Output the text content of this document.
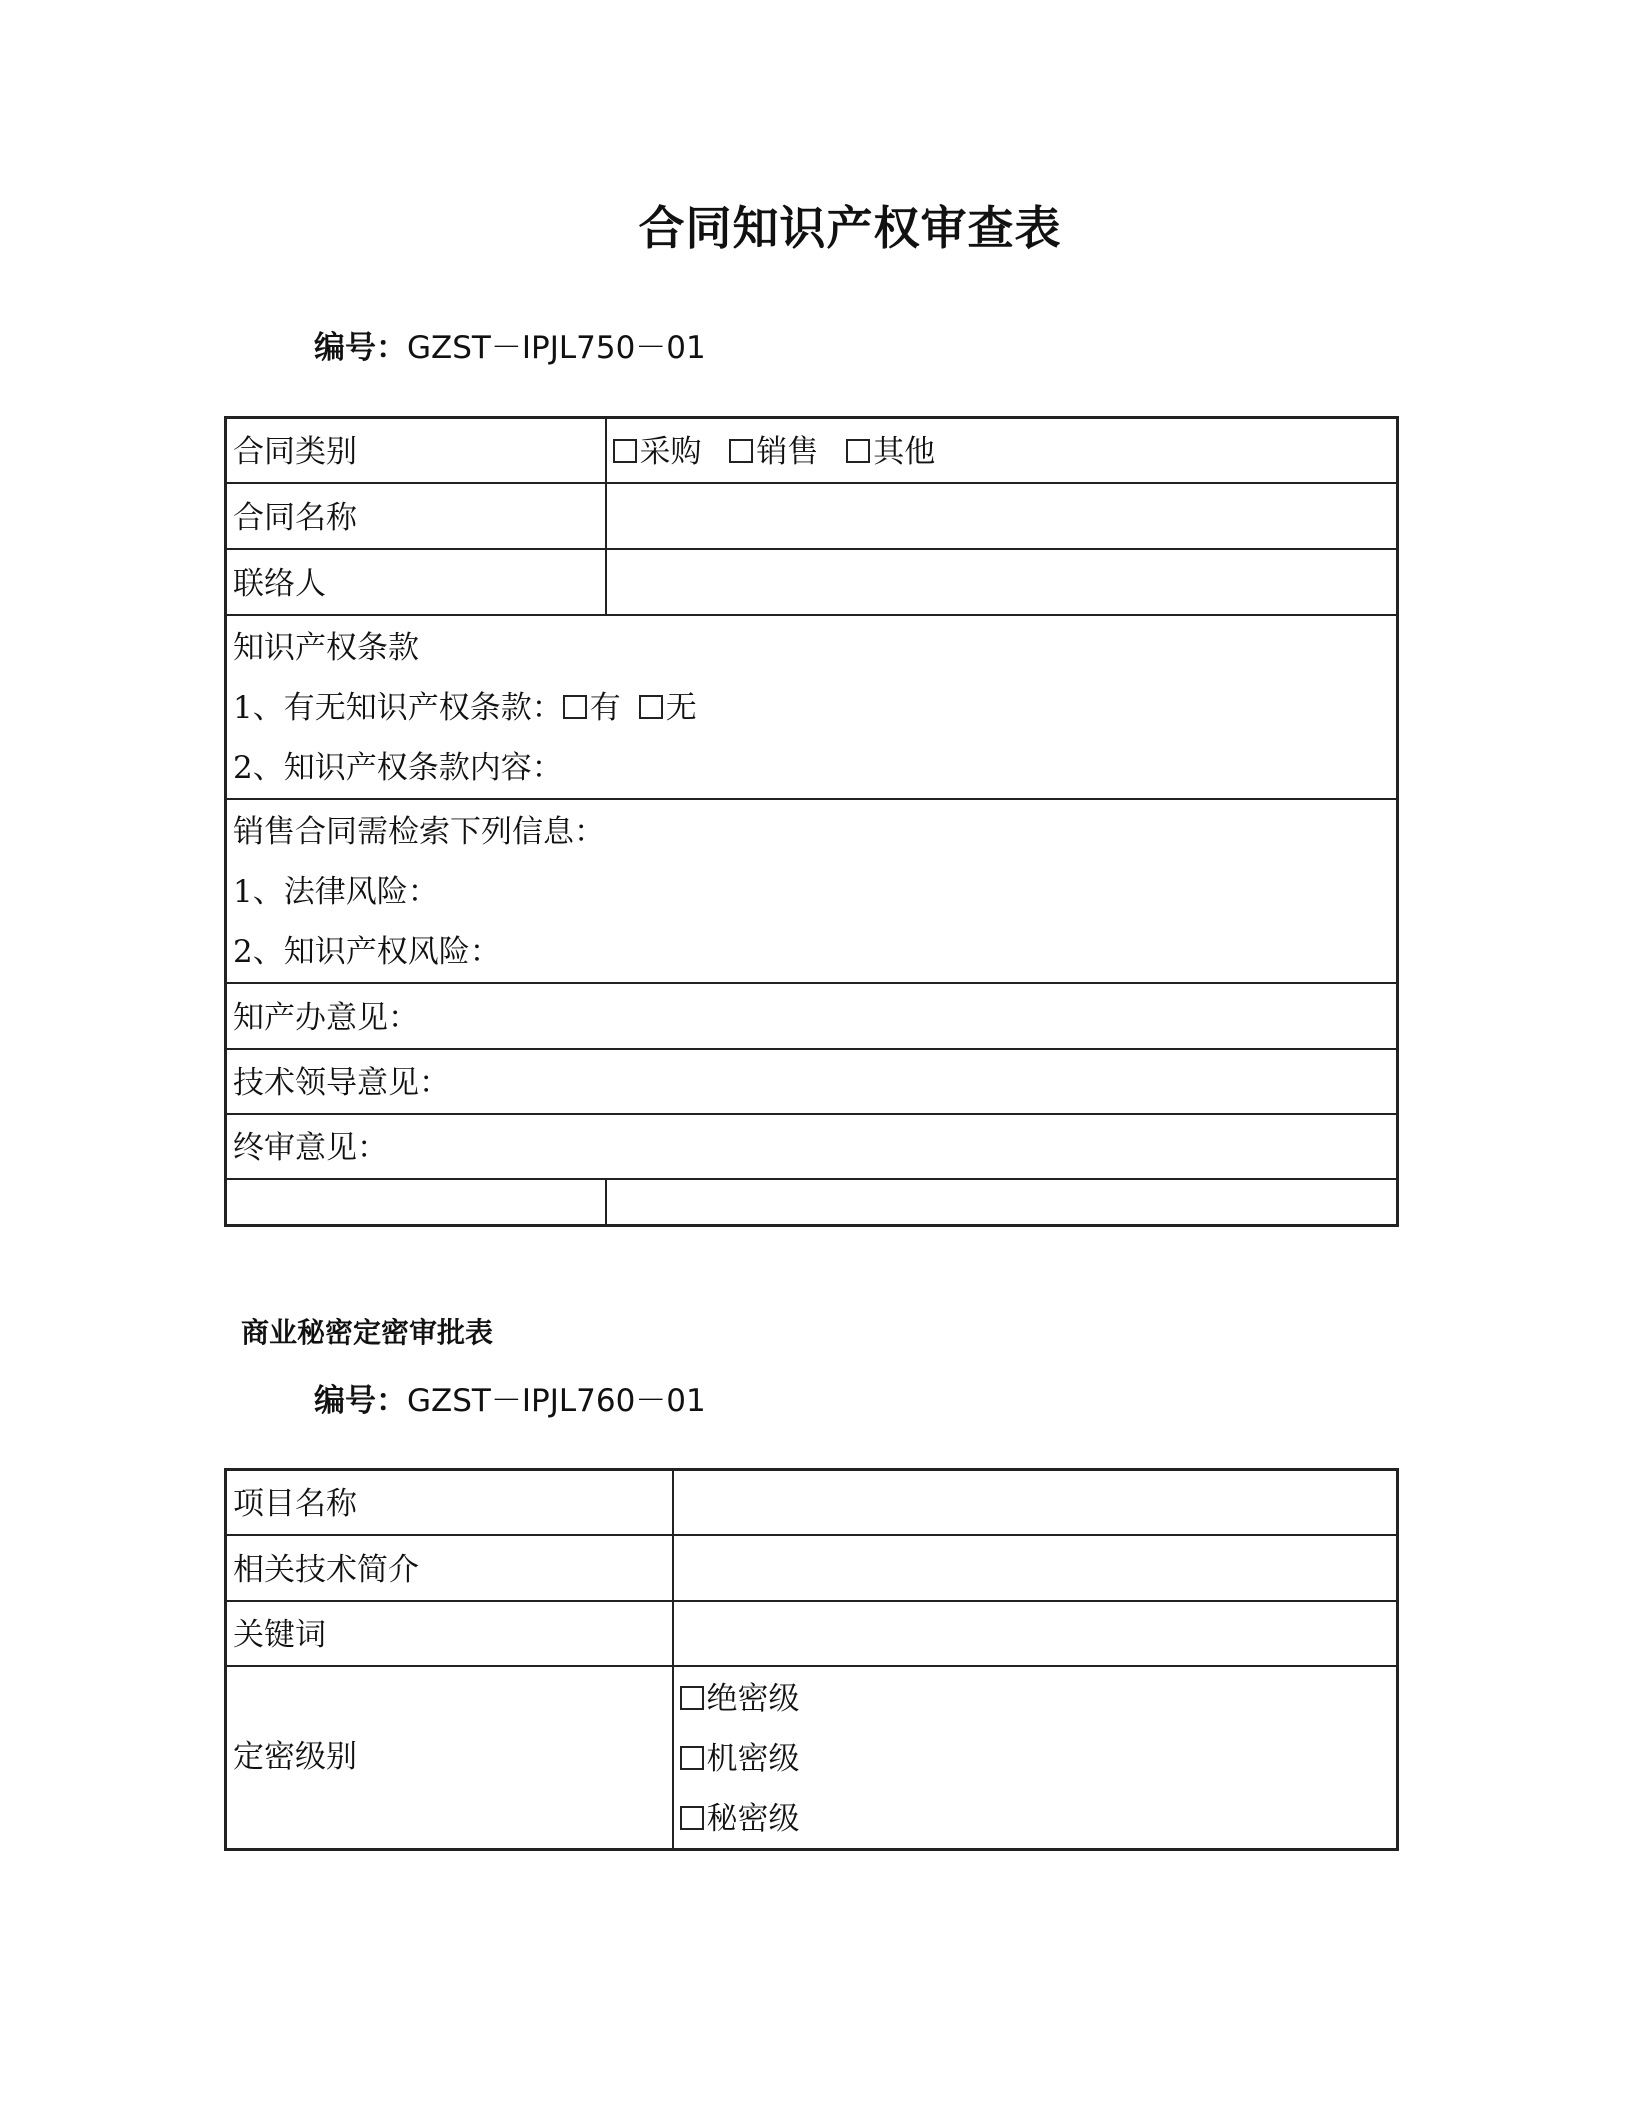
合同知识产权审查表
编号：GZST－IPJL750－01
合同类别	采购 销售 其他
合同名称	
联络人	

知识产权条款
1、有无知识产权条款： 有 无
2、知识产权条款内容：	

销售合同需检索下列信息：
1、法律风险：
2、知识产权风险：	

知产办意见：	
技术领导意见：	
终审意见：	

商业秘密定密审批表
编号：GZST－IPJL760－01
项目名称	
相关技术简介	
关键词	
定密级别	绝密级
机密级
秘密级
